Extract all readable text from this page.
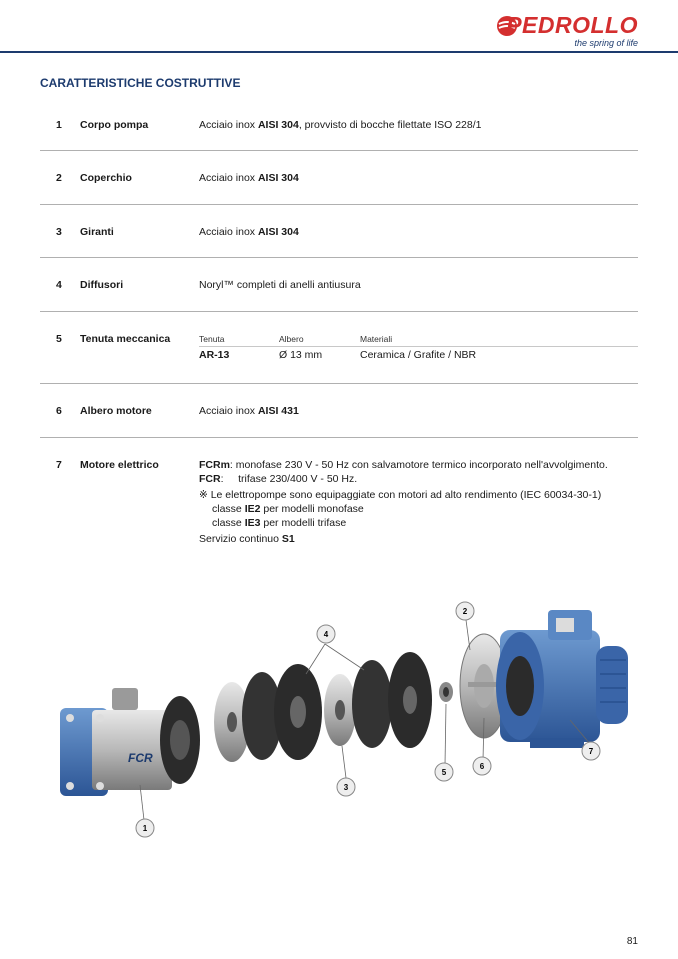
PEDROLLO
the spring of life
CARATTERISTICHE COSTRUTTIVE
1 Corpo pompa	Acciaio inox AISI 304, provvisto di bocche filettate ISO 228/1
2 Coperchio	Acciaio inox AISI 304
3 Giranti	Acciaio inox AISI 304
4 Diffusori	Noryl™ completi di anelli antiusura
5 Tenuta meccanica	Tenuta	Albero	Materiali
AR-13	Ø 13 mm	Ceramica / Grafite / NBR
6 Albero motore	Acciaio inox AISI 431
7 Motore elettrico	FCRm: monofase 230 V - 50 Hz con salvamotore termico incorporato nell'avvolgimento.
FCR:     trifase 230/400 V - 50 Hz.
※ Le elettropompe sono equipaggiate con motori ad alto rendimento (IEC 60034-30-1)
classe IE2 per modelli monofase
classe IE3 per modelli trifase
Servizio continuo S1
FCR
1
2
3
4
5
6
7
81
